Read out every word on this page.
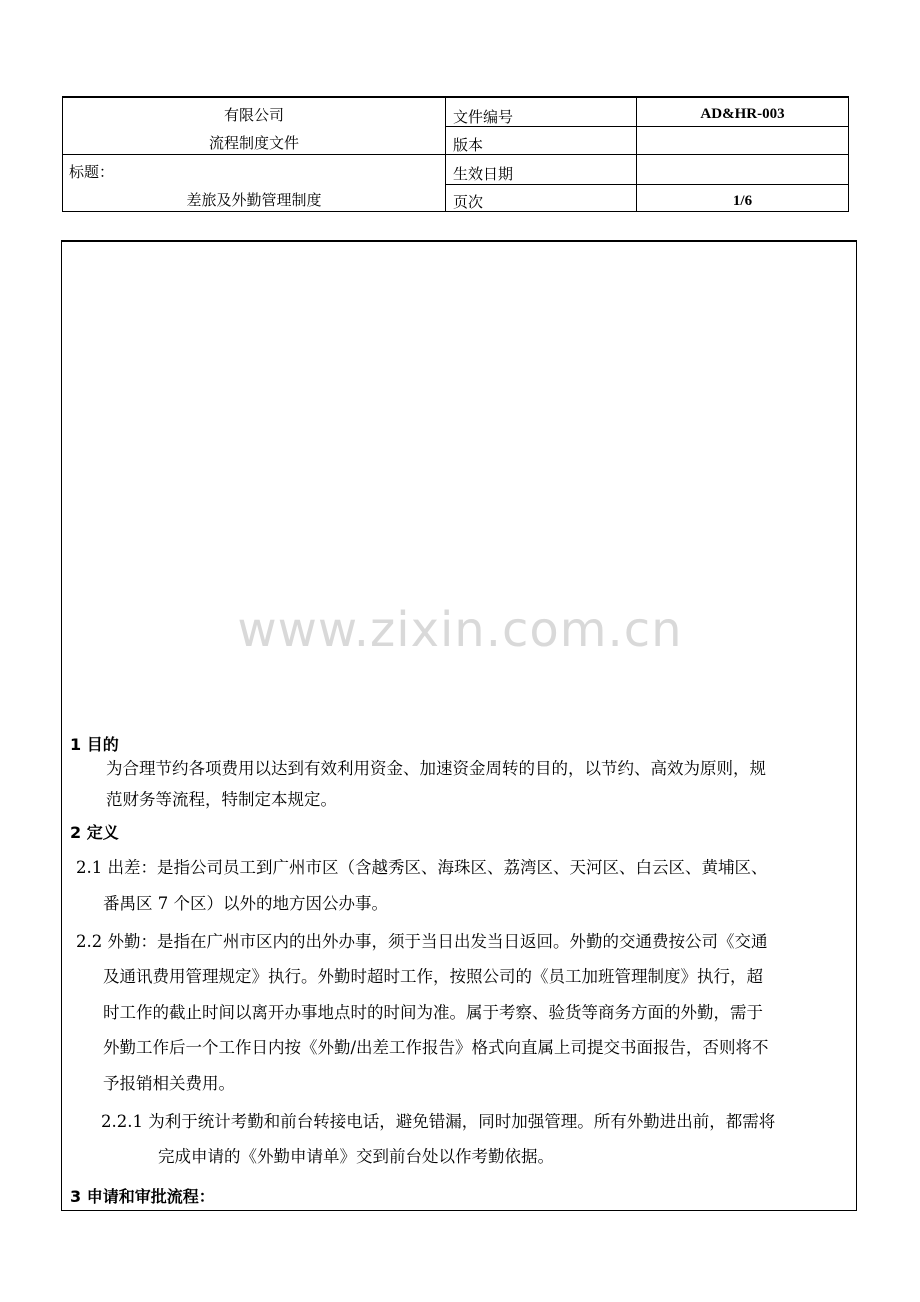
有限公司
流程制度文件
标题：
差旅及外勤管理制度
文件编号	AD&HR-003
版本
生效日期
页次	1/6
www.zixin.com.cn
1 目的
为合理节约各项费用以达到有效利用资金、加速资金周转的目的，以节约、高效为原则，规
范财务等流程，特制定本规定。
2 定义
2.1 出差：是指公司员工到广州市区（含越秀区、海珠区、荔湾区、天河区、白云区、黄埔区、
番禺区 7 个区）以外的地方因公办事。
2.2 外勤：是指在广州市区内的出外办事，须于当日出发当日返回。外勤的交通费按公司《交通
及通讯费用管理规定》执行。外勤时超时工作，按照公司的《员工加班管理制度》执行，超
时工作的截止时间以离开办事地点时的时间为准。属于考察、验货等商务方面的外勤，需于
外勤工作后一个工作日内按《外勤/出差工作报告》格式向直属上司提交书面报告，否则将不
予报销相关费用。
2.2.1 为利于统计考勤和前台转接电话，避免错漏，同时加强管理。所有外勤进出前，都需将
完成申请的《外勤申请单》交到前台处以作考勤依据。
3 申请和审批流程：
